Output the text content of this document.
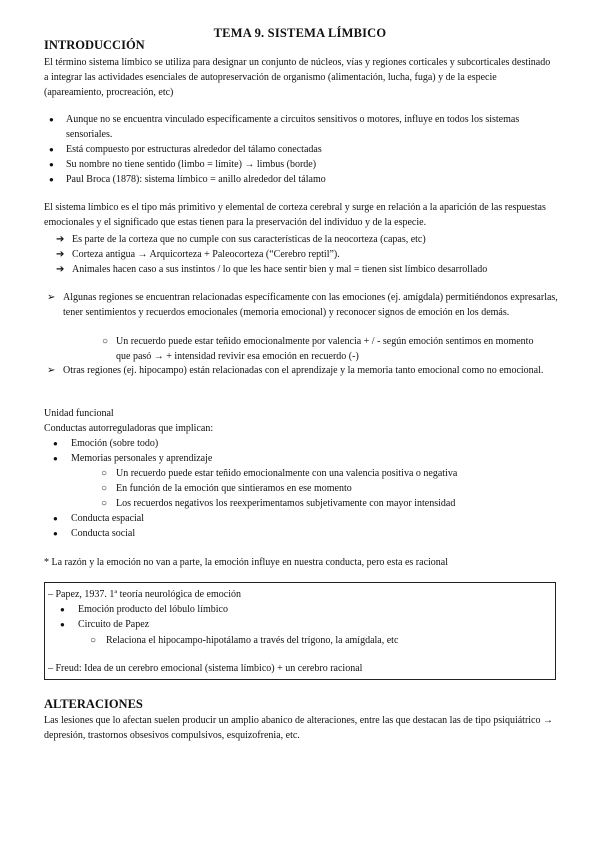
TEMA 9. SISTEMA LÍMBICO
INTRODUCCIÓN
El término sistema límbico se utiliza para designar un conjunto de núcleos, vías y regiones corticales y subcorticales destinado a integrar las actividades esenciales de autopreservación de organismo (alimentación, lucha, fuga) y de la especie (apareamiento, procreación, etc)
● Aunque no se encuentra vinculado específicamente a circuitos sensitivos o motores, influye en todos los sistemas sensoriales.
● Está compuesto por estructuras alrededor del tálamo conectadas
● Su nombre no tiene sentido (limbo = límite) → limbus (borde)
● Paul Broca (1878): sistema límbico = anillo alrededor del tálamo
El sistema límbico es el tipo más primitivo y elemental de corteza cerebral y surge en relación a la aparición de las respuestas emocionales y el significado que estas tienen para la preservación del individuo y de la especie.
➔ Es parte de la corteza que no cumple con sus características de la neocorteza (capas, etc)
➔ Corteza antigua → Arquicorteza + Paleocorteza (“Cerebro reptil”).
➔ Animales hacen caso a sus instintos / lo que les hace sentir bien y mal = tienen sist límbico desarrollado
➢ Algunas regiones se encuentran relacionadas específicamente con las emociones (ej. amígdala) permitiéndonos expresarlas, tener sentimientos y recuerdos emocionales (memoria emocional) y reconocer signos de emoción en los demás.
○ Un recuerdo puede estar teñido emocionalmente por valencia + / - según emoción sentimos en momento que pasó → + intensidad revivir esa emoción en recuerdo (-)
➢ Otras regiones (ej. hipocampo) están relacionadas con el aprendizaje y la memoria tanto emocional como no emocional.
Unidad funcional
Conductas autorreguladoras que implican:
● Emoción (sobre todo)
● Memorias personales y aprendizaje
○ Un recuerdo puede estar teñido emocionalmente con una valencia positiva o negativa
○ En función de la emoción que sintieramos en ese momento
○ Los recuerdos negativos los reexperimentamos subjetivamente con mayor intensidad
● Conducta espacial
● Conducta social
* La razón y la emoción no van a parte, la emoción influye en nuestra conducta, pero esta es racional
– Papez, 1937. 1ª teoría neurológica de emoción
● Emoción producto del lóbulo límbico
● Circuito de Papez
○ Relaciona el hipocampo-hipotálamo a través del trígono, la amígdala, etc
– Freud: Idea de un cerebro emocional (sistema límbico) + un cerebro racional
ALTERACIONES
Las lesiones que lo afectan suelen producir un amplio abanico de alteraciones, entre las que destacan las de tipo psiquiátrico → depresión, trastornos obsesivos compulsivos, esquizofrenia, etc.
